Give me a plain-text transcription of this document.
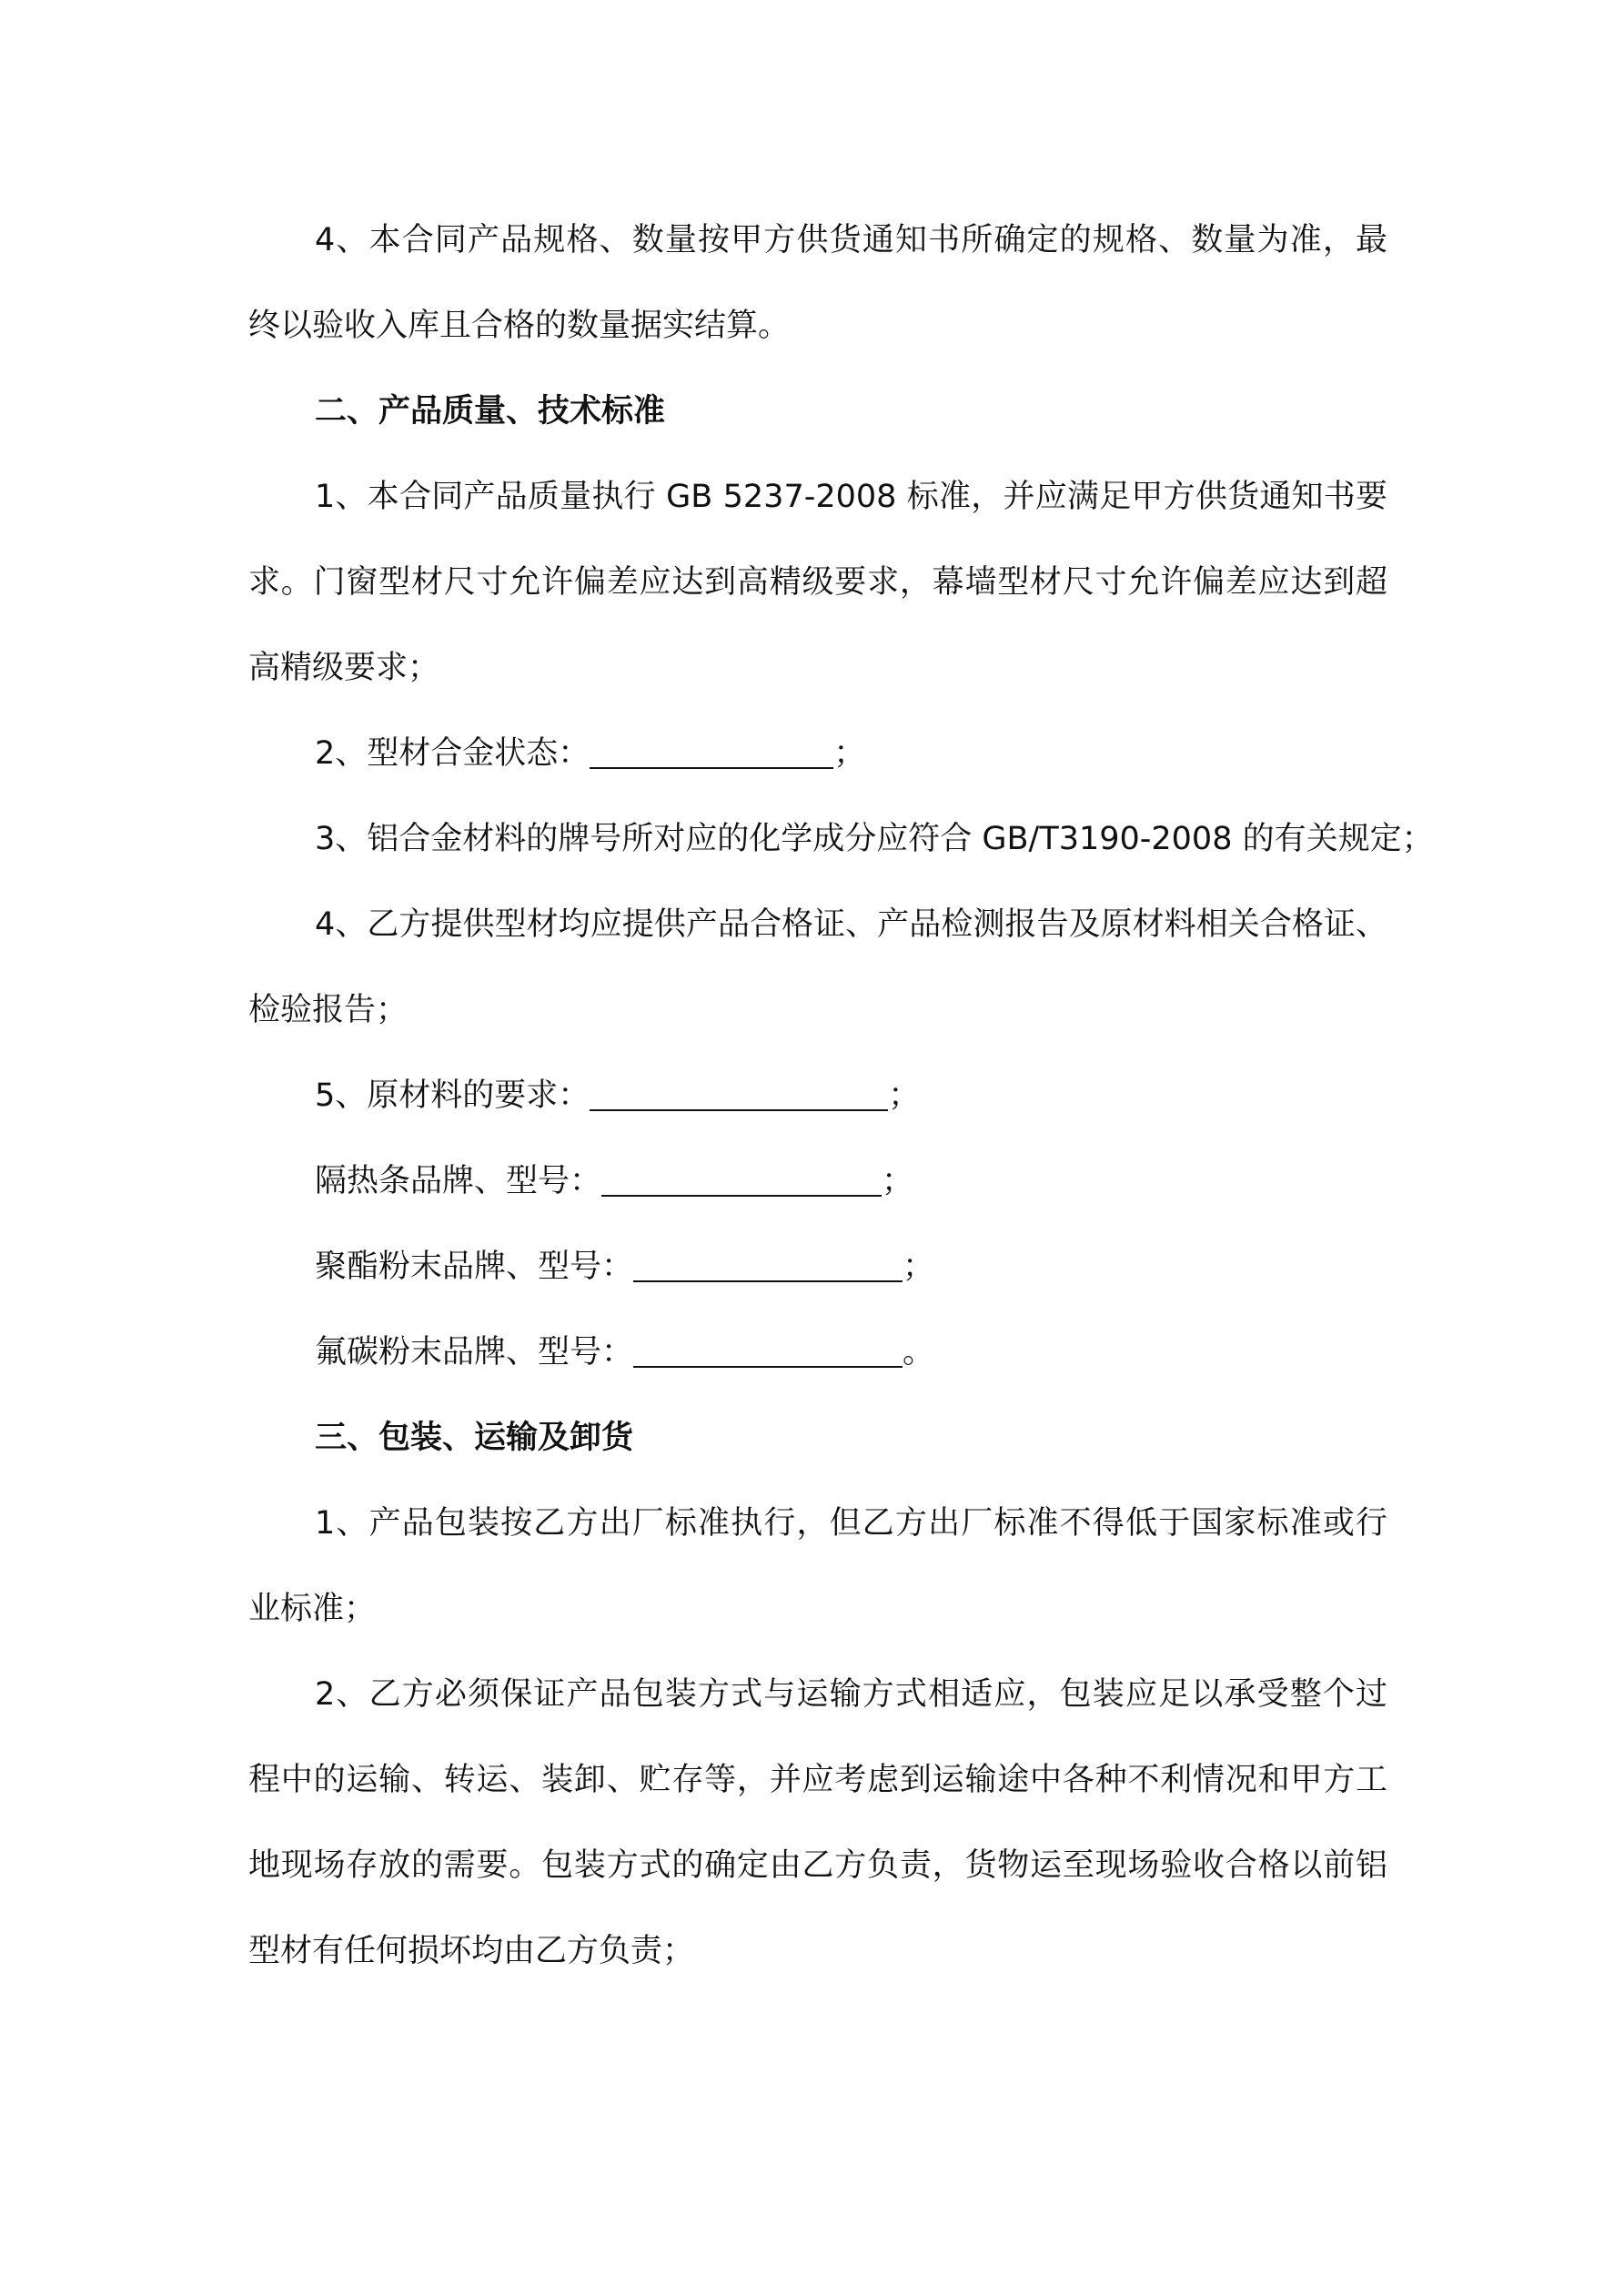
4、本合同产品规格、数量按甲方供货通知书所确定的规格、数量为准，最
终以验收入库且合格的数量据实结算。
二、产品质量、技术标准
1、本合同产品质量执行 GB 5237-2008 标准，并应满足甲方供货通知书要
求。门窗型材尺寸允许偏差应达到高精级要求，幕墙型材尺寸允许偏差应达到超
高精级要求；
2、型材合金状态：	；
3、铝合金材料的牌号所对应的化学成分应符合 GB/T3190-2008 的有关规定；
4、乙方提供型材均应提供产品合格证、产品检测报告及原材料相关合格证、
检验报告；
5、原材料的要求：	；
隔热条品牌、型号：	；
聚酯粉末品牌、型号：	；
氟碳粉末品牌、型号：	。
三、包装、运输及卸货
1、产品包装按乙方出厂标准执行，但乙方出厂标准不得低于国家标准或行
业标准；
2、乙方必须保证产品包装方式与运输方式相适应，包装应足以承受整个过
程中的运输、转运、装卸、贮存等，并应考虑到运输途中各种不利情况和甲方工
地现场存放的需要。包装方式的确定由乙方负责，货物运至现场验收合格以前铝
型材有任何损坏均由乙方负责；
